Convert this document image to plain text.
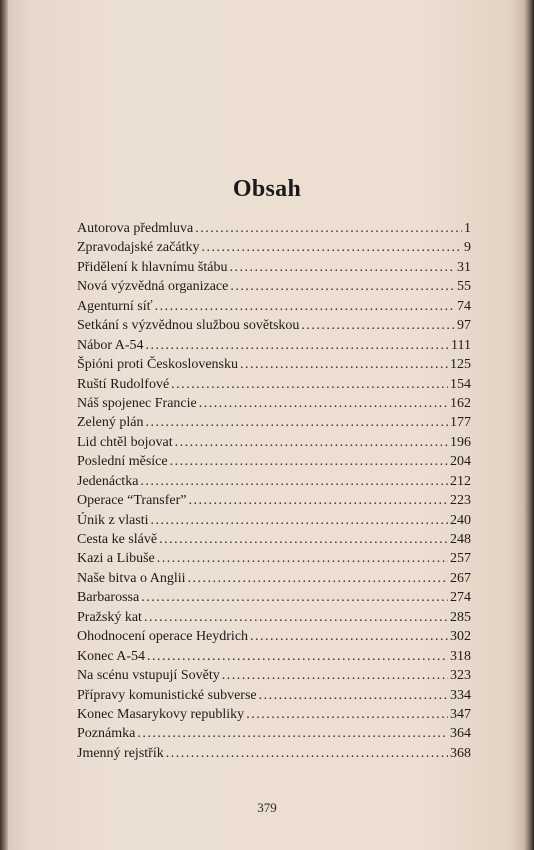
Obsah
Autorova předmluva . . .	1
Zpravodajské začátky . . .	9
Přidělení k hlavnímu štábu . . .	31
Nová výzvědná organizace . . .	55
Agenturní síť . . .	74
Setkání s výzvědnou službou sovětskou . . .	97
Nábor A-54 . . .	111
Špióni proti Československu . . .	125
Ruští Rudolfové . . .	154
Náš spojenec Francie . . .	162
Zelený plán . . .	177
Lid chtěl bojovat . . .	196
Poslední měsíce . . .	204
Jedenáctka . . .	212
Operace “Transfer” . . .	223
Únik z vlasti . . .	240
Cesta ke slávě . . .	248
Kazi a Libuše . . .	257
Naše bitva o Anglii . . .	267
Barbarossa . . .	274
Pražský kat . . .	285
Ohodnocení operace Heydrich . . .	302
Konec A-54 . . .	318
Na scénu vstupují Sověty . . .	323
Přípravy komunistické subverse . . .	334
Konec Masarykovy republiky . . .	347
Poznámka . . .	364
Jmenný rejstřík . . .	368
379
